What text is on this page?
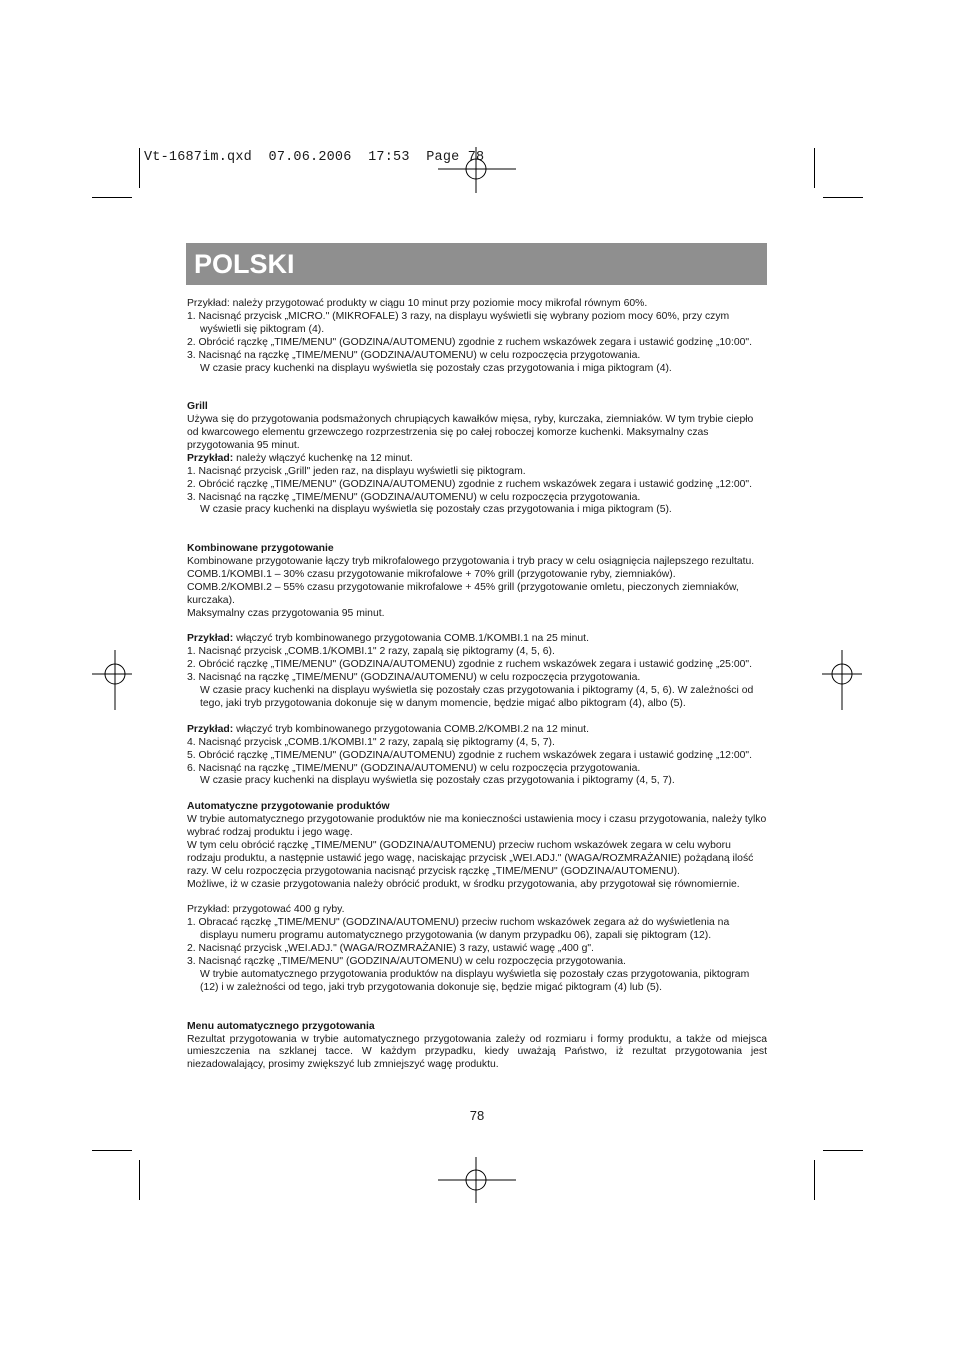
Vt-1687im.qxd  07.06.2006  17:53  Page 78
POLSKI

Przykład: należy przygotować produkty w ciągu 10 minut przy poziomie mocy mikrofal równym 60%.

1. Nacisnąć przycisk „MICRO." (MIKROFALE) 3 razy, na displayu wyświetli się wybrany poziom mocy 60%, przy czym wyświetli się piktogram (4).

2. Obrócić rączkę „TIME/MENU" (GODZINA/AUTOMENU) zgodnie z ruchem wskazówek zegara i ustawić godzinę „10:00".

3. Nacisnąć na rączkę „TIME/MENU" (GODZINA/AUTOMENU) w celu rozpoczęcia przygotowania.

W czasie pracy kuchenki na displayu wyświetla się pozostały czas przygotowania i miga piktogram (4).

Grill

Używa się do przygotowania podsmażonych chrupiących kawałków mięsa, ryby, kurczaka, ziemniaków. W tym trybie ciepło od kwarcowego elementu grzewczego rozprzestrzenia się po całej roboczej komorze kuchenki. Maksymalny czas przygotowania 95 minut.

Przykład: należy włączyć kuchenkę na 12 minut.

1. Nacisnąć przycisk „Grill" jeden raz, na displayu wyświetli się piktogram.

2. Obrócić rączkę „TIME/MENU" (GODZINA/AUTOMENU) zgodnie z ruchem wskazówek zegara i ustawić godzinę „12:00".

3. Nacisnąć na rączkę „TIME/MENU" (GODZINA/AUTOMENU) w celu rozpoczęcia przygotowania.

W czasie pracy kuchenki na displayu wyświetla się pozostały czas przygotowania i miga piktogram (5).

Kombinowane przygotowanie

Kombinowane przygotowanie łączy tryb mikrofalowego przygotowania i tryb pracy w celu osiągnięcia najlepszego rezultatu.

COMB.1/KOMBI.1 – 30% czasu przygotowanie mikrofalowe + 70% grill (przygotowanie ryby, ziemniaków).

COMB.2/KOMBI.2 – 55% czasu przygotowanie mikrofalowe + 45% grill (przygotowanie omletu, pieczonych ziemniaków, kurczaka).

Maksymalny czas przygotowania 95 minut.

Przykład: włączyć tryb kombinowanego przygotowania COMB.1/KOMBI.1 na 25 minut.

1. Nacisnąć przycisk „COMB.1/KOMBI.1" 2 razy, zapalą się piktogramy (4, 5, 6).

2. Obrócić rączkę „TIME/MENU" (GODZINA/AUTOMENU) zgodnie z ruchem wskazówek zegara i ustawić godzinę „25:00".

3. Nacisnąć na rączkę „TIME/MENU" (GODZINA/AUTOMENU) w celu rozpoczęcia przygotowania.

W czasie pracy kuchenki na displayu wyświetla się pozostały czas przygotowania i piktogramy (4, 5, 6). W zależności od tego, jaki tryb przygotowania dokonuje się w danym momencie, będzie migać albo piktogram (4), albo (5).

Przykład: włączyć tryb kombinowanego przygotowania COMB.2/KOMBI.2 na 12 minut.

4. Nacisnąć przycisk „COMB.1/KOMBI.1" 2 razy, zapalą się piktogramy (4, 5, 7).

5. Obrócić rączkę „TIME/MENU" (GODZINA/AUTOMENU) zgodnie z ruchem wskazówek zegara i ustawić godzinę „12:00".

6. Nacisnąć na rączkę „TIME/MENU" (GODZINA/AUTOMENU) w celu rozpoczęcia przygotowania.

W czasie pracy kuchenki na displayu wyświetla się pozostały czas przygotowania i piktogramy (4, 5, 7).

Automatyczne przygotowanie produktów

W trybie automatycznego przygotowanie produktów nie ma konieczności ustawienia mocy i czasu przygotowania, należy tylko wybrać rodzaj produktu i jego wagę.

W tym celu obrócić rączkę „TIME/MENU" (GODZINA/AUTOMENU) przeciw ruchom wskazówek zegara w celu wyboru rodzaju produktu, a następnie ustawić jego wagę, naciskając przycisk „WEI.ADJ." (WAGA/ROZMRAŻANIE) pożądaną ilość razy. W celu rozpoczęcia przygotowania nacisnąć przycisk rączkę „TIME/MENU" (GODZINA/AUTOMENU).

Możliwe, iż w czasie przygotowania należy obrócić produkt, w środku przygotowania, aby przygotował się równomiernie.

Przykład: przygotować 400 g ryby.

1. Obracać rączkę „TIME/MENU" (GODZINA/AUTOMENU) przeciw ruchom wskazówek zegara aż do wyświetlenia na displayu numeru programu automatycznego przygotowania (w danym przypadku 06), zapali się piktogram (12).

2. Nacisnąć przycisk „WEI.ADJ." (WAGA/ROZMRAŻANIE) 3 razy, ustawić wagę „400 g".

3. Nacisnąć rączkę „TIME/MENU" (GODZINA/AUTOMENU) w celu rozpoczęcia przygotowania.

W trybie automatycznego przygotowania produktów na displayu wyświetla się pozostały czas przygotowania, piktogram (12) i w zależności od tego, jaki tryb przygotowania dokonuje się, będzie migać piktogram (4) lub (5).

Menu automatycznego przygotowania

Rezultat przygotowania w trybie automatycznego przygotowania zależy od rozmiaru i formy produktu, a także od miejsca umieszczenia na szklanej tacce. W każdym przypadku, kiedy uważają Państwo, iż rezultat przygotowania jest niezadowalający, prosimy zwiększyć lub zmniejszyć wagę produktu.

78
